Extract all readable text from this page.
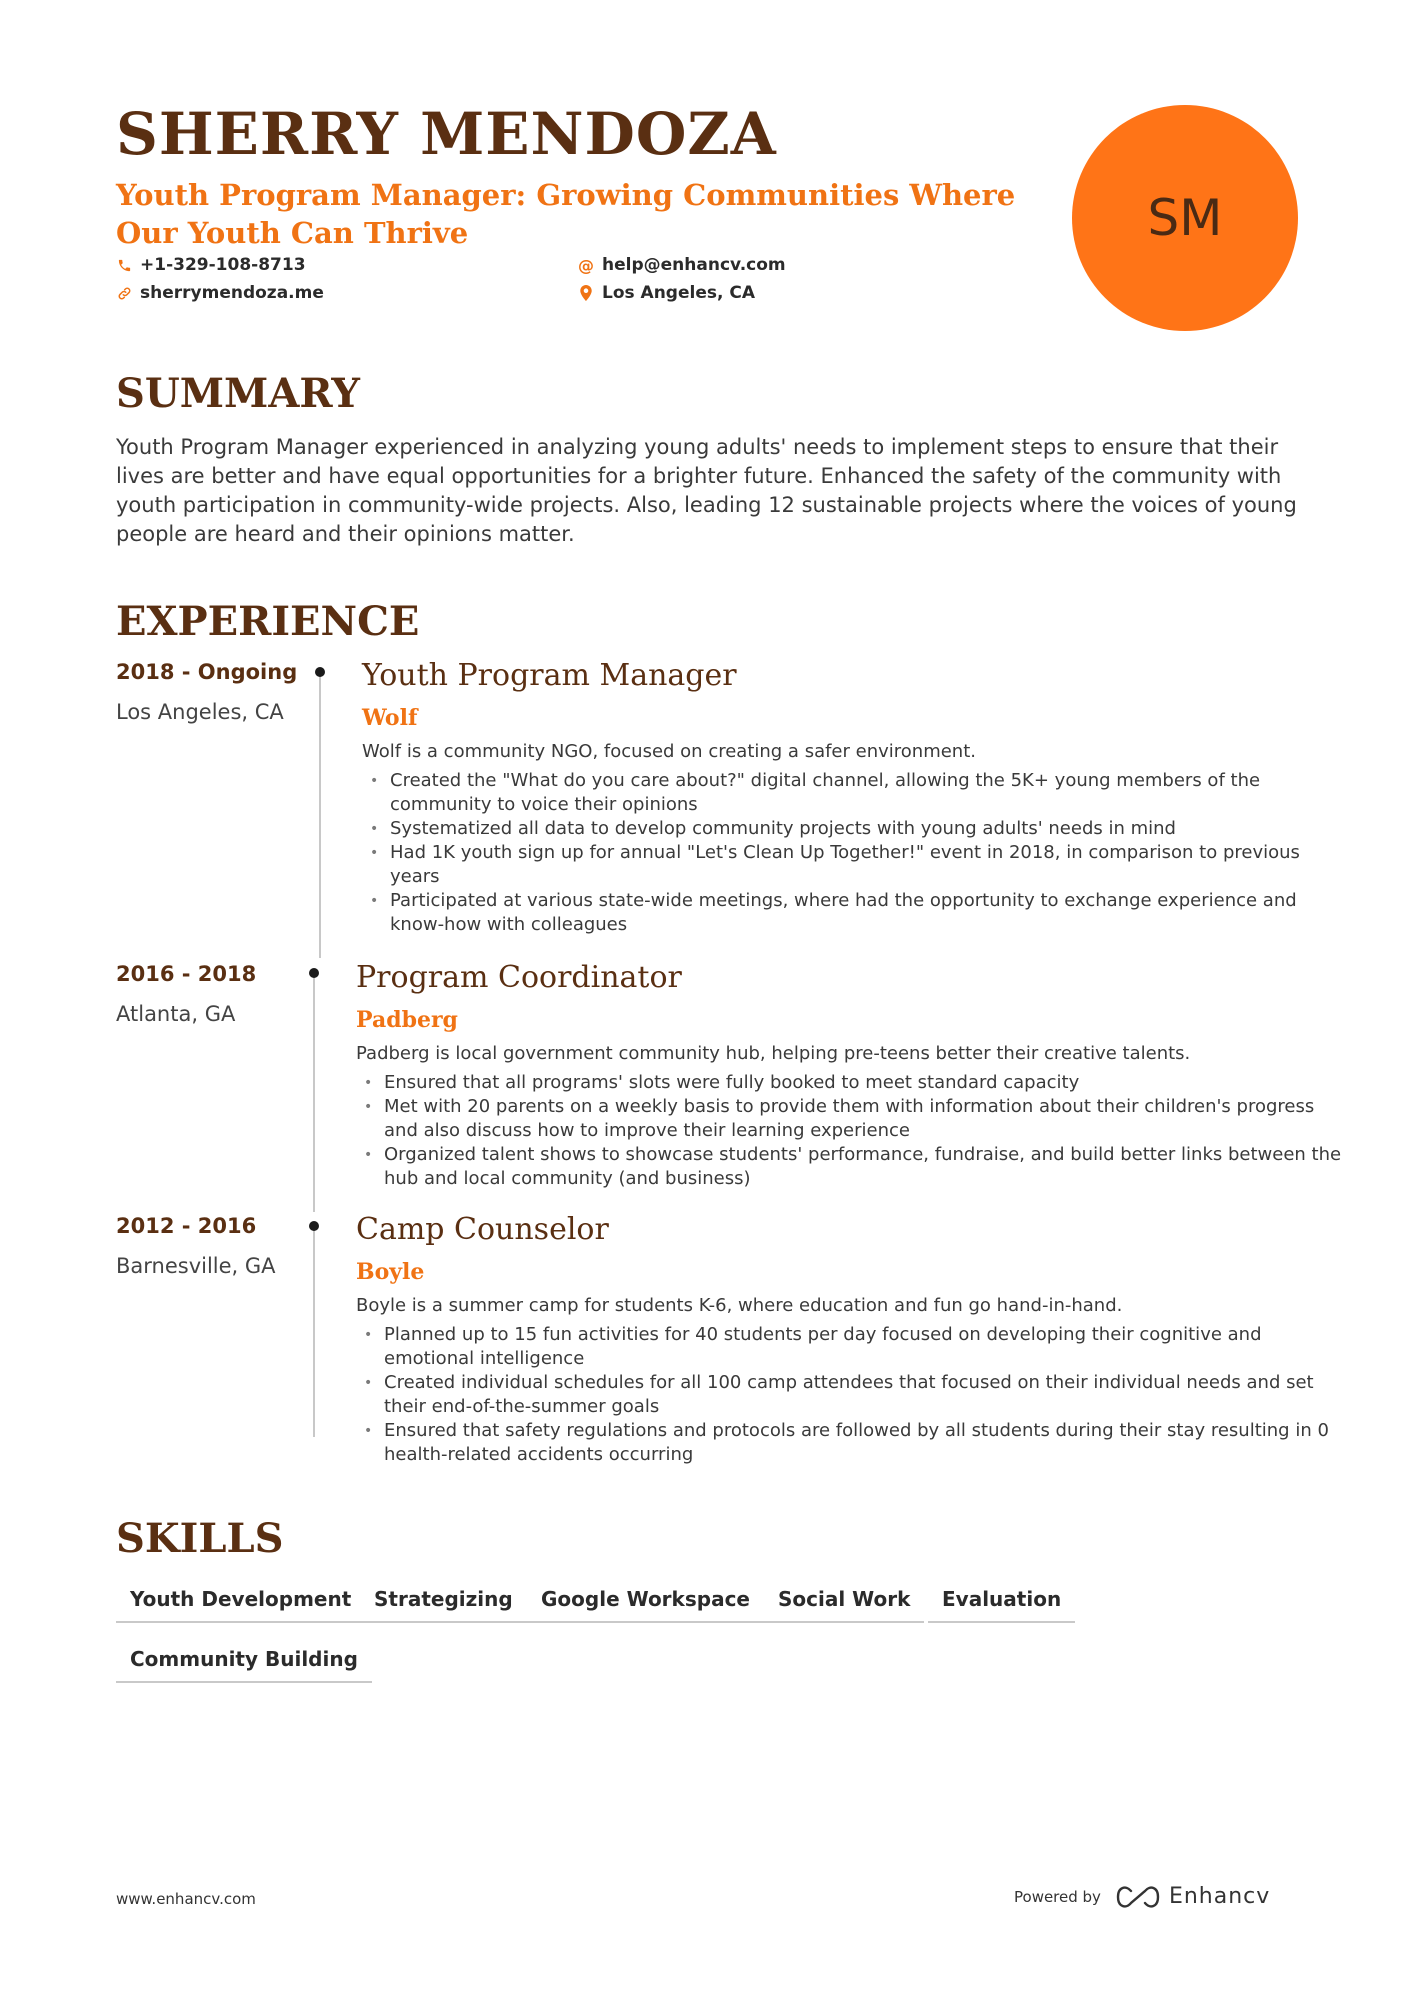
SHERRY MENDOZA

Youth Program Manager: Growing Communities Where Our Youth Can Thrive

+1-329-108-8713	@ help@enhancv.com
sherrymendoza.me	Los Angeles, CA
SM
SUMMARY

Youth Program Manager experienced in analyzing young adults' needs to implement steps to ensure that their lives are better and have equal opportunities for a brighter future. Enhanced the safety of the community with youth participation in community-wide projects. Also, leading 12 sustainable projects where the voices of young people are heard and their opinions matter.

EXPERIENCE
2018 - Ongoing
Los Angeles, CA
Youth Program Manager
Wolf
Wolf is a community NGO, focused on creating a safer environment.
• Created the "What do you care about?" digital channel, allowing the 5K+ young members of the community to voice their opinions
• Systematized all data to develop community projects with young adults' needs in mind
• Had 1K youth sign up for annual "Let's Clean Up Together!" event in 2018, in comparison to previous years
• Participated at various state-wide meetings, where had the opportunity to exchange experience and know-how with colleagues
2016 - 2018
Atlanta, GA
Program Coordinator
Padberg
Padberg is local government community hub, helping pre-teens better their creative talents.
• Ensured that all programs' slots were fully booked to meet standard capacity
• Met with 20 parents on a weekly basis to provide them with information about their children's progress and also discuss how to improve their learning experience
• Organized talent shows to showcase students' performance, fundraise, and build better links between the hub and local community (and business)
2012 - 2016
Barnesville, GA
Camp Counselor
Boyle
Boyle is a summer camp for students K-6, where education and fun go hand-in-hand.
• Planned up to 15 fun activities for 40 students per day focused on developing their cognitive and emotional intelligence
• Created individual schedules for all 100 camp attendees that focused on their individual needs and set their end-of-the-summer goals
• Ensured that safety regulations and protocols are followed by all students during their stay resulting in 0 health-related accidents occurring
SKILLS
Youth Development	Strategizing	Google Workspace	Social Work	Evaluation
Community Building
www.enhancv.com	Powered by	Enhancv
